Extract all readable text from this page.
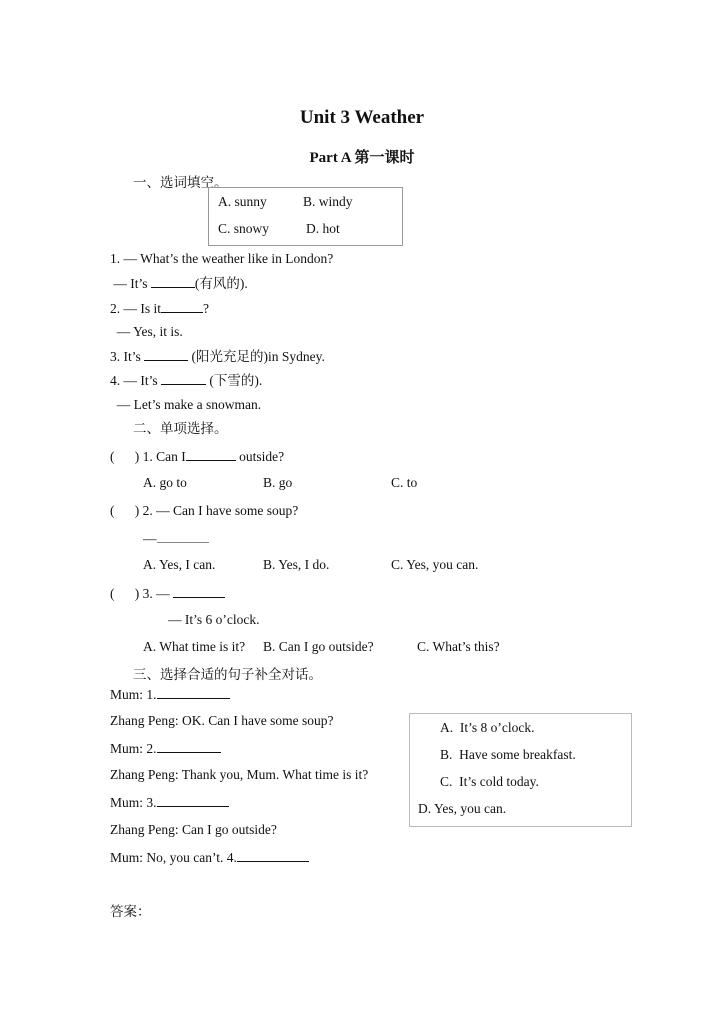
Unit 3 Weather
Part A 第一课时
一、选词填空。
A. sunny	B. windy
C. snowy	D. hot
1. — What’s the weather like in London?
— It’s	(有风的).
2. — Is it	?
— Yes, it is.
3. It’s	(阳光充足的)in Sydney.
4. — It’s	(下雪的).
— Let’s make a snowman.
二、单项选择。
(      ) 1. Can I	outside?
A. go to	B. go	C. to
(      ) 2. — Can I have some soup?
—
A. Yes, I can.	B. Yes, I do.	C. Yes, you can.
(      ) 3. —
— It’s 6 o’clock.
A. What time is it? B. Can I go outside?	C. What’s this?
三、选择合适的句子补全对话。
Mum: 1.
Zhang Peng: OK. Can I have some soup?
Mum: 2.
Zhang Peng: Thank you, Mum. What time is it?
Mum: 3.
Zhang Peng: Can I go outside?
Mum: No, you can’t. 4.
A.  It’s 8 o’clock.
B.  Have some breakfast.
C.  It’s cold today.
D. Yes, you can.
答案：
